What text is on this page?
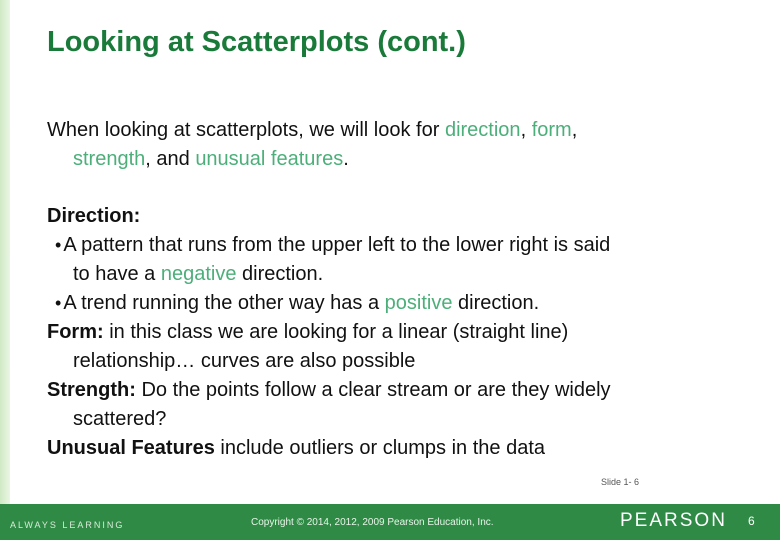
Looking at Scatterplots (cont.)
When looking at scatterplots, we will look for direction, form,
strength, and unusual features.
Direction:
• A pattern that runs from the upper left to the lower right is said
to have a negative direction.
• A trend running the other way has a positive direction.
Form: in this class we are looking for a linear (straight line)
relationship… curves are also possible
Strength: Do the points follow a clear stream or are they widely
scattered?
Unusual Features include outliers or clumps in the data
ALWAYS LEARNING	Copyright © 2014, 2012, 2009 Pearson Education, Inc.
Slide 1- 6
PEARSON 6
